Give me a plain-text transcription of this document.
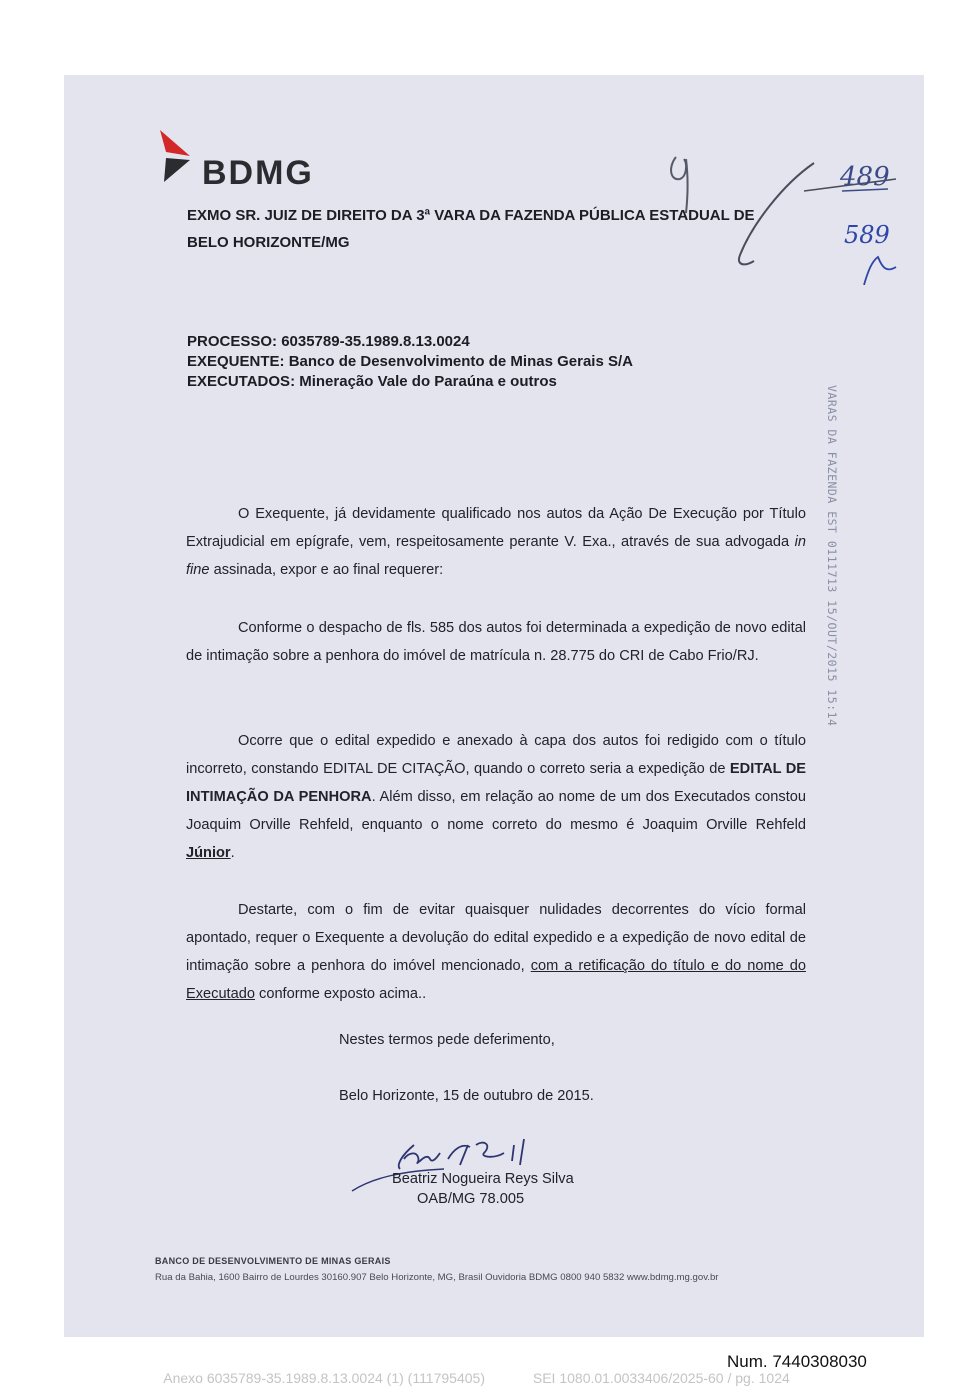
BDMG	489
589
EXMO SR. JUIZ DE DIREITO DA 3ª VARA DA FAZENDA PÚBLICA ESTADUAL DE
BELO HORIZONTE/MG
PROCESSO: 6035789-35.1989.8.13.0024
EXEQUENTE: Banco de Desenvolvimento de Minas Gerais S/A
EXECUTADOS: Mineração Vale do Paraúna e outros

O Exequente, já devidamente qualificado nos autos da Ação De Execução por Título Extrajudicial em epígrafe, vem, respeitosamente perante V. Exa., através de sua advogada in fine assinada, expor e ao final requerer:

Conforme o despacho de fls. 585 dos autos foi determinada a expedição de novo edital de intimação sobre a penhora do imóvel de matrícula n. 28.775 do CRI de Cabo Frio/RJ.

Ocorre que o edital expedido e anexado à capa dos autos foi redigido com o título incorreto, constando EDITAL DE CITAÇÃO, quando o correto seria a expedição de EDITAL DE INTIMAÇÃO DA PENHORA. Além disso, em relação ao nome de um dos Executados constou Joaquim Orville Rehfeld, enquanto o nome correto do mesmo é Joaquim Orville Rehfeld Júnior.

Destarte, com o fim de evitar quaisquer nulidades decorrentes do vício formal apontado, requer o Exequente a devolução do edital expedido e a expedição de novo edital de intimação sobre a penhora do imóvel mencionado, com a retificação do título e do nome do Executado conforme exposto acima..

Nestes termos pede deferimento,
Belo Horizonte, 15 de outubro de 2015.
Beatriz Nogueira Reys Silva
OAB/MG 78.005
BANCO DE DESENVOLVIMENTO DE MINAS GERAIS
Rua da Bahia, 1600 Bairro de Lourdes 30160.907 Belo Horizonte, MG, Brasil Ouvidoria BDMG 0800 940 5832 www.bdmg.mg.gov.br
VARAS DA FAZENDA EST 0111713 15/OUT/2015 15:14
Num. 7440308030
Anexo 6035789-35.1989.8.13.0024 (1) (111795405)	SEI 1080.01.0033406/2025-60 / pg. 1024
